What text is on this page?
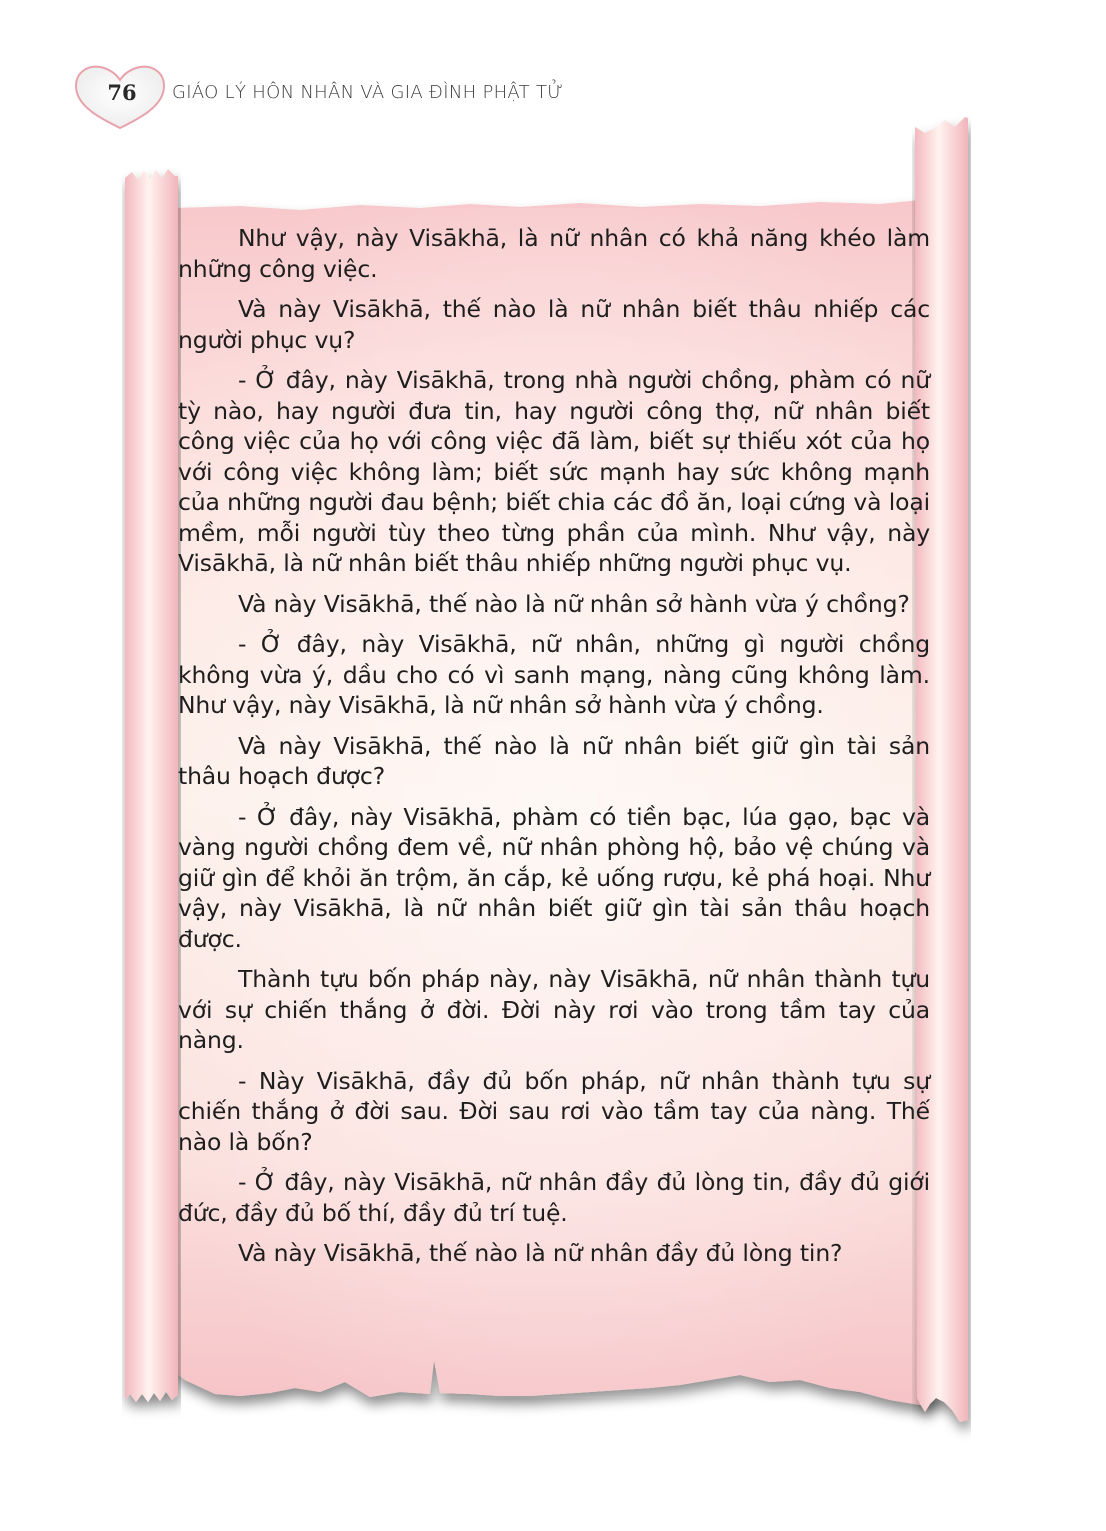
76	GIÁO LÝ HÔN NHÂN VÀ GIA ĐÌNH PHẬT TỬ

Như vậy, này Visākhā, là nữ nhân có khả năng khéo làm những công việc.

Và này Visākhā, thế nào là nữ nhân biết thâu nhiếp các người phục vụ?

- Ở đây, này Visākhā, trong nhà người chồng, phàm có nữ tỳ nào, hay người đưa tin, hay người công thợ, nữ nhân biết công việc của họ với công việc đã làm, biết sự thiếu xót của họ với công việc không làm; biết sức mạnh hay sức không mạnh của những người đau bệnh; biết chia các đồ ăn, loại cứng và loại mềm, mỗi người tùy theo từng phần của mình. Như vậy, này Visākhā, là nữ nhân biết thâu nhiếp những người phục vụ.

Và này Visākhā, thế nào là nữ nhân sở hành vừa ý chồng?

- Ở đây, này Visākhā, nữ nhân, những gì người chồng không vừa ý, dầu cho có vì sanh mạng, nàng cũng không làm. Như vậy, này Visākhā, là nữ nhân sở hành vừa ý chồng.

Và này Visākhā, thế nào là nữ nhân biết giữ gìn tài sản thâu hoạch được?

- Ở đây, này Visākhā, phàm có tiền bạc, lúa gạo, bạc và vàng người chồng đem về, nữ nhân phòng hộ, bảo vệ chúng và giữ gìn để khỏi ăn trộm, ăn cắp, kẻ uống rượu, kẻ phá hoại. Như vậy, này Visākhā, là nữ nhân biết giữ gìn tài sản thâu hoạch được.

Thành tựu bốn pháp này, này Visākhā, nữ nhân thành tựu với sự chiến thắng ở đời. Đời này rơi vào trong tầm tay của nàng.

- Này Visākhā, đầy đủ bốn pháp, nữ nhân thành tựu sự chiến thắng ở đời sau. Đời sau rơi vào tầm tay của nàng. Thế nào là bốn?

- Ở đây, này Visākhā, nữ nhân đầy đủ lòng tin, đầy đủ giới đức, đầy đủ bố thí, đầy đủ trí tuệ.

Và này Visākhā, thế nào là nữ nhân đầy đủ lòng tin?
